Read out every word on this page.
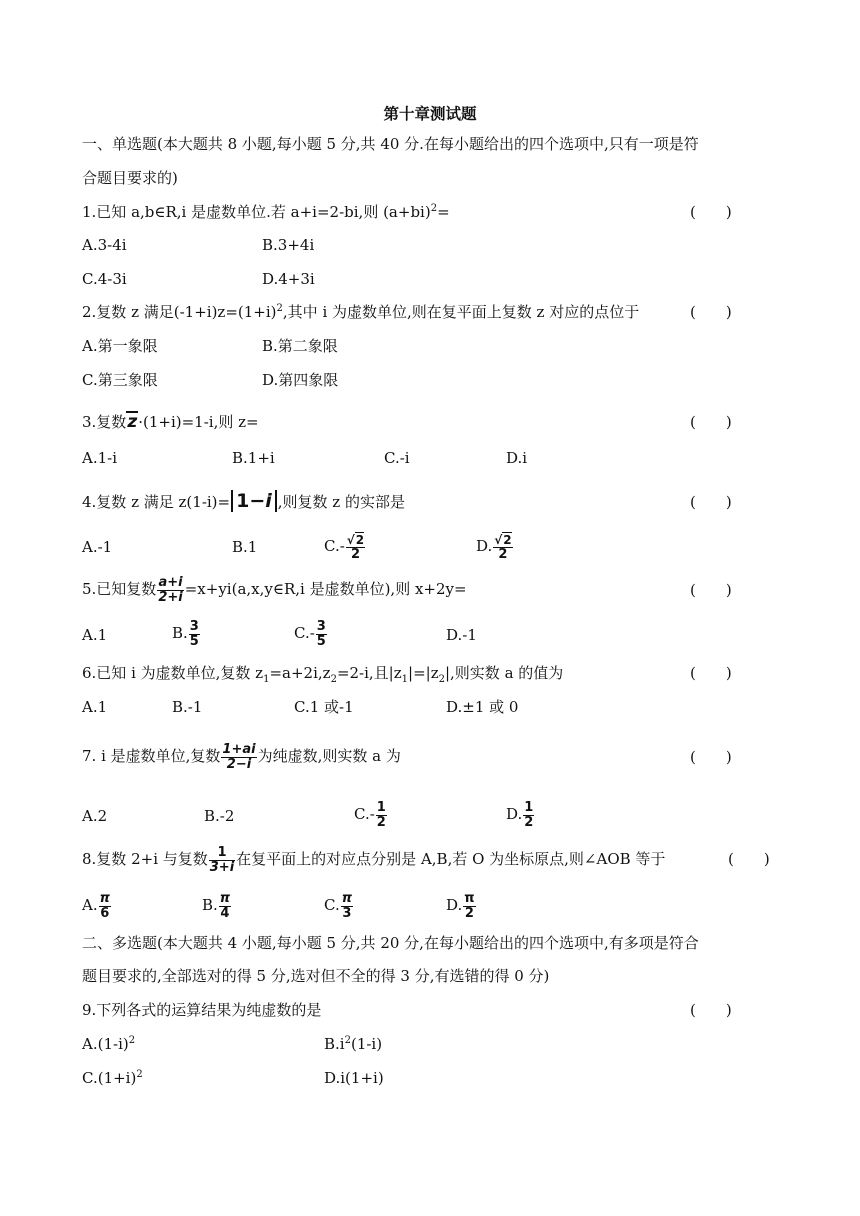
第十章测试题
一、单选题(本大题共 8 小题,每小题 5 分,共 40 分.在每小题给出的四个选项中,只有一项是符
合题目要求的)
1.已知 a,b∈R,i 是虚数单位.若 a+i=2-bi,则 $(a+bi)^2=$	(　　)
A.3-4i	B.3+4i
C.4-3i	D.4+3i
2.复数 z 满足$(-1+i)z=(1+i)^2$,其中 i 为虚数单位,则在复平面上复数 z 对应的点位于	(　　)
A.第一象限	B.第二象限
C.第三象限	D.第四象限
3.复数z·(1+i)=1-i,则 z=	(　　)
A.1-i	B.1+i	C.-i	D.i
4.复数 z 满足 z(1-i)= 1−i ,则复数 z 的实部是	(　　)
A.-1	B.1	$C.- \frac{√2}{2}$	D. $\frac{√2}{2}$
5.已知复数 $\frac{a+i}{2+i}$ =x+yi(a,x,y∈R,i 是虚数单位),则 x+2y=	(　　)
A.1	B. $\frac{3}{5}$	$C.- \frac{3}{5}$	D.-1
6.已知 i 为虚数单位,复数 $z_1=a+2i,z_2=2-i$,且$|z_1|=|z_2|$,则实数 a 的值为	(　　)
A.1	B.-1	C.1 或-1	D.±1 或 0
7. i 是虚数单位,复数 $\frac{1+ai}{2-i}$ 为纯虚数,则实数 a 为	(　　)
A.2	B.-2	$C.- \frac{1}{2}$	D. $\frac{1}{2}$
8.复数 2+i 与复数 $\frac{1}{3+i}$ 在复平面上的对应点分别是 A,B,若 O 为坐标原点,则∠AOB 等于	(　　)
A. $\frac{\pi}{6}$	B. $\frac{\pi}{4}$	C. $\frac{\pi}{3}$	D. $\frac{\pi}{2}$
二、多选题(本大题共 4 小题,每小题 5 分,共 20 分,在每小题给出的四个选项中,有多项是符合
题目要求的,全部选对的得 5 分,选对但不全的得 3 分,有选错的得 0 分)
9.下列各式的运算结果为纯虚数的是	(　　)
$A.(1-i)^2$	$B.i^2(1-i)$
$C.(1+i)^2$	D.i(1+i)
